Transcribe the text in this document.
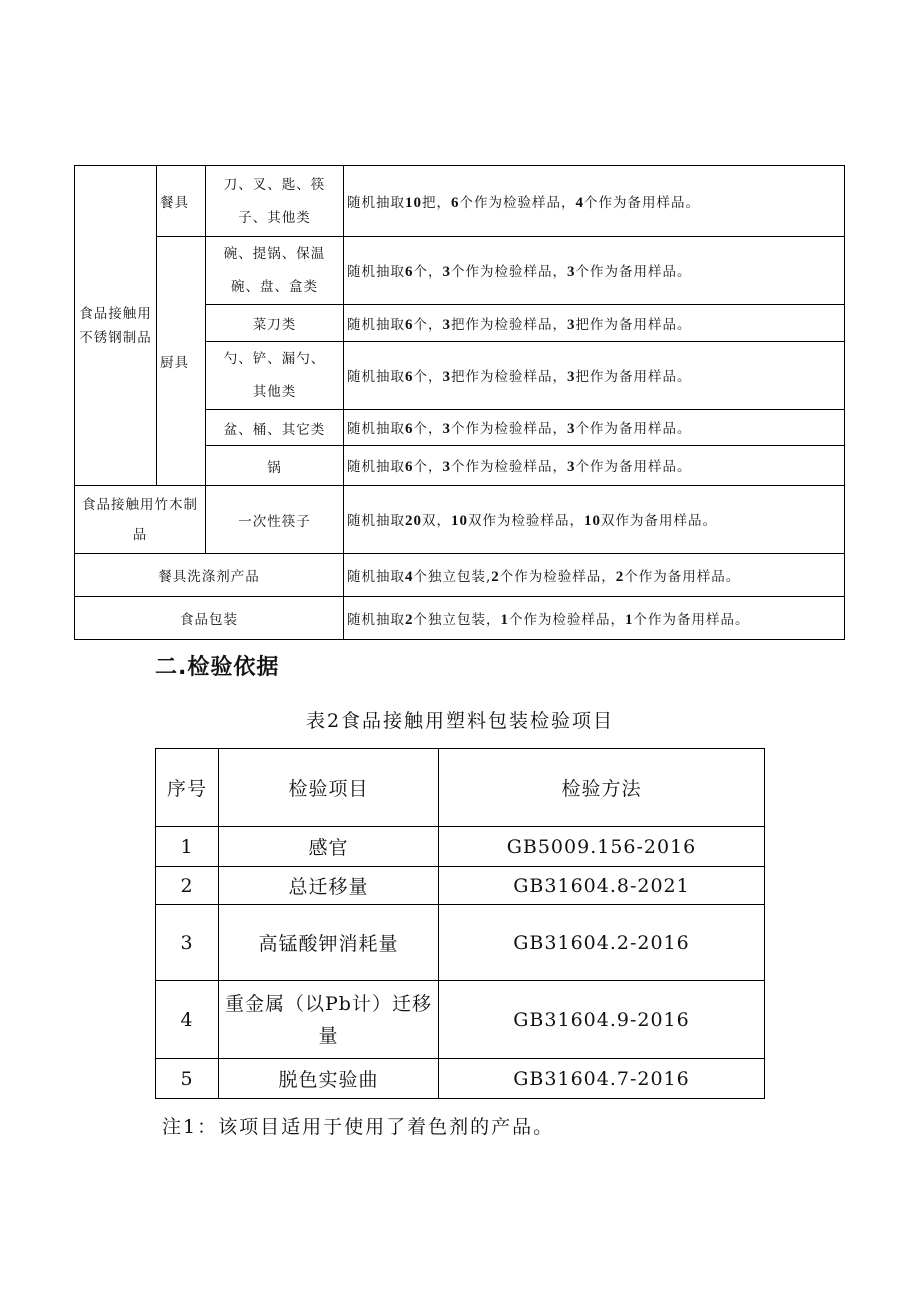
食品接触用不锈钢制品	餐具	刀、叉、匙、筷子、其他类	随机抽取10把，6个作为检验样品，4个作为备用样品。
	厨具	碗、提锅、保温碗、盘、盒类	随机抽取6个，3个作为检验样品，3个作为备用样品。
		菜刀类	随机抽取6个，3把作为检验样品，3把作为备用样品。

		勺、铲、漏勺、其他类	随机抽取6个，3把作为检验样品，3把作为备用样品。
		盆、桶、其它类	随机抽取6个，3个作为检验样品，3个作为备用样品。
		锅	随机抽取6个，3个作为检验样品，3个作为备用样品。

食品接触用竹木制品		一次性筷子	随机抽取20双，10双作为检验样品，10双作为备用样品。
餐具洗涤剂产品			随机抽取4个独立包装,2个作为检验样品，2个作为备用样品。
食品包装			随机抽取2个独立包装，1个作为检验样品，1个作为备用样品。
二.检验依据

表2食品接触用塑料包装检验项目

序号	检验项目	检验方法
1	感官	GB5009.156-2016
2	总迁移量	GB31604.8-2021
3	高锰酸钾消耗量	GB31604.2-2016
4	重金属（以Pb计）迁移量	GB31604.9-2016
5	脱色实验曲	GB31604.7-2016

注1：该项目适用于使用了着色剂的产品。
